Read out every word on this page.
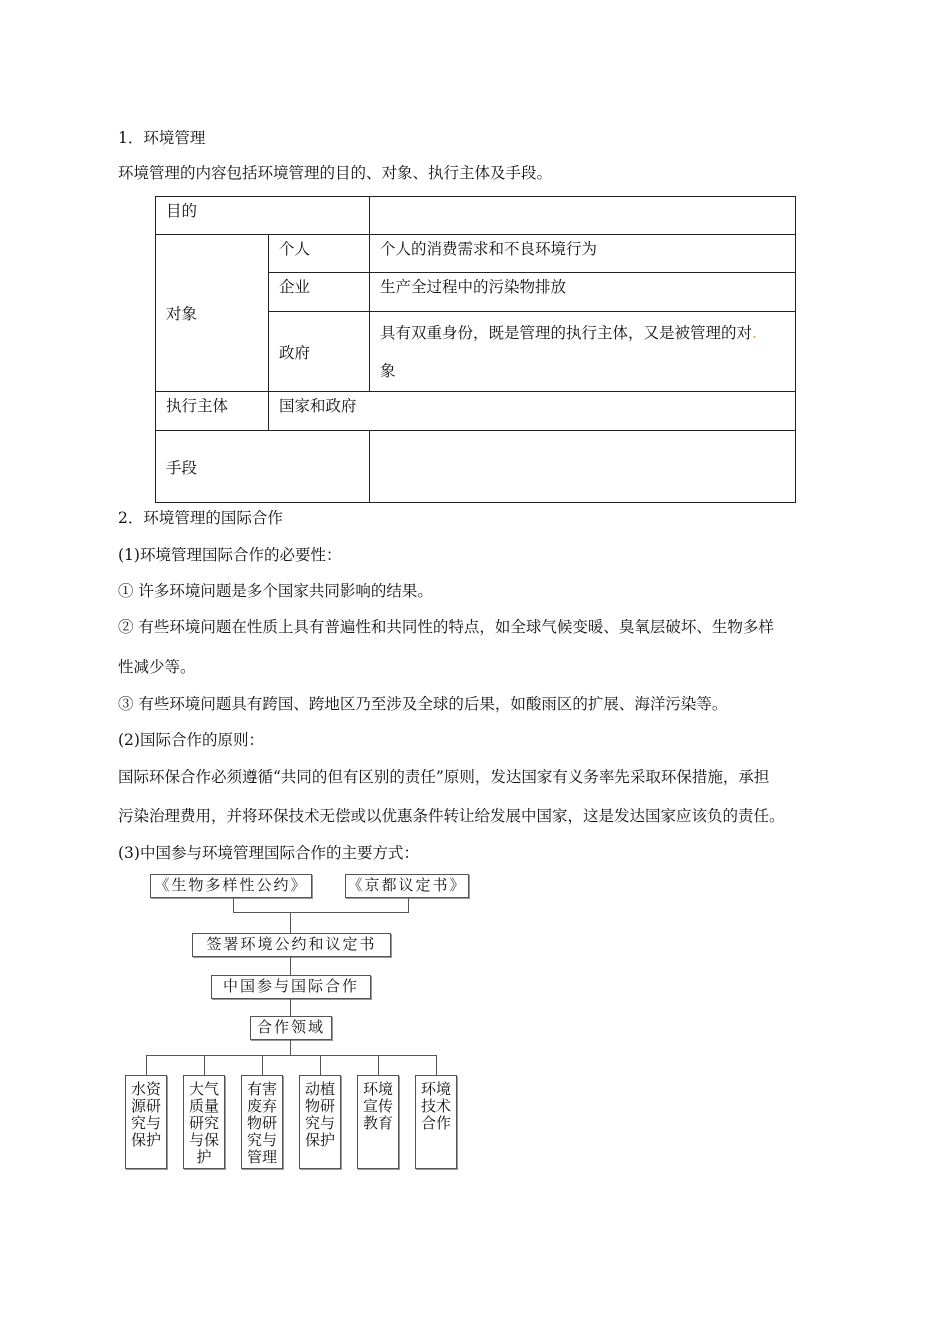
1．环境管理
环境管理的内容包括环境管理的目的、对象、执行主体及手段。
目的		
对象	个人	个人的消费需求和不良环境行为
	企业	生产全过程中的污染物排放
	政府	具有双重身份，既是管理的执行主体，又是被管理的对.
象
执行主体	国家和政府	
手段		
2．环境管理的国际合作
(1)环境管理国际合作的必要性：
① 许多环境问题是多个国家共同影响的结果。
② 有些环境问题在性质上具有普遍性和共同性的特点，如全球气候变暖、臭氧层破坏、生物多样
性减少等。
③ 有些环境问题具有跨国、跨地区乃至涉及全球的后果，如酸雨区的扩展、海洋污染等。
(2)国际合作的原则：
国际环保合作必须遵循“共同的但有区别的责任”原则，发达国家有义务率先采取环保措施，承担
污染治理费用，并将环保技术无偿或以优惠条件转让给发展中国家，这是发达国家应该负的责任。
(3)中国参与环境管理国际合作的主要方式：
《生物多样性公约》	《京都议定书》
签署环境公约和议定书
中国参与国际合作
合作领域
水资
源研
究与
保护
大气
质量
研究
与保
护
有害
废弃
物研
究与
管理
动植
物研
究与
保护
环境
宣传
教育
环境
技术
合作
